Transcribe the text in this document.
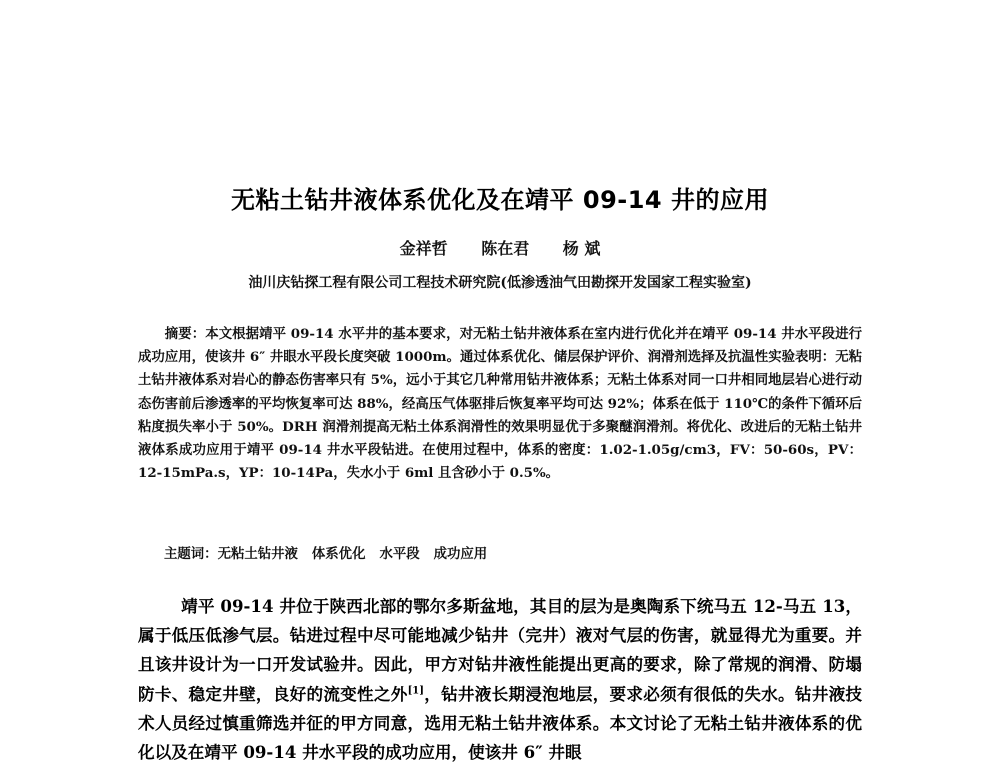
无粘土钻井液体系优化及在靖平 09-14 井的应用
金祥哲 陈在君 杨 斌
油川庆钻探工程有限公司工程技术研究院(低渗透油气田勘探开发国家工程实验室)
摘要：本文根据靖平 09-14 水平井的基本要求，对无粘土钻井液体系在室内进行优化并在靖平 09-14 井水平段进行成功应用，使该井 6″ 井眼水平段长度突破 1000m。通过体系优化、储层保护评价、润滑剂选择及抗温性实验表明：无粘土钻井液体系对岩心的静态伤害率只有 5%，远小于其它几种常用钻井液体系；无粘土体系对同一口井相同地层岩心进行动态伤害前后渗透率的平均恢复率可达 88%，经高压气体驱排后恢复率平均可达 92%；体系在低于 110℃的条件下循环后粘度损失率小于 50%。DRH 润滑剂提高无粘土体系润滑性的效果明显优于多聚醚润滑剂。将优化、改进后的无粘土钻井液体系成功应用于靖平 09-14 井水平段钻进。在使用过程中，体系的密度：1.02-1.05g/cm3，FV：50-60s，PV：12-15mPa.s，YP：10-14Pa，失水小于 6ml 且含砂小于 0.5%。
主题词：无粘土钻井液 体系优化 水平段 成功应用
靖平 09-14 井位于陕西北部的鄂尔多斯盆地，其目的层为是奥陶系下统马五 12-马五 13，属于低压低渗气层。钻进过程中尽可能地减少钻井（完井）液对气层的伤害，就显得尤为重要。并且该井设计为一口开发试验井。因此，甲方对钻井液性能提出更高的要求，除了常规的润滑、防塌防卡、稳定井壁，良好的流变性之外[1]，钻井液长期浸泡地层，要求必须有很低的失水。钻井液技术人员经过慎重筛选并征的甲方同意，选用无粘土钻井液体系。本文讨论了无粘土钻井液体系的优化以及在靖平 09-14 井水平段的成功应用，使该井 6″ 井眼
